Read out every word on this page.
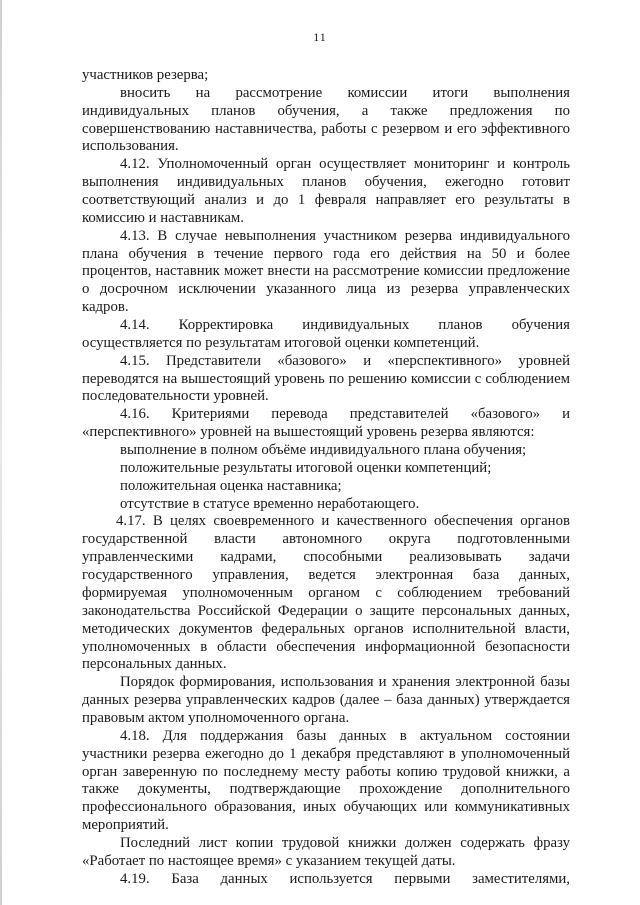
11

участников резерва;

вносить на рассмотрение комиссии итоги выполнения индивидуальных планов обучения, а также предложения по совершенствованию наставничества, работы с резервом и его эффективного использования.

4.12. Уполномоченный орган осуществляет мониторинг и контроль выполнения индивидуальных планов обучения, ежегодно готовит соответствующий анализ и до 1 февраля направляет его результаты в комиссию и наставникам.

4.13. В случае невыполнения участником резерва индивидуального плана обучения в течение первого года его действия на 50 и более процентов, наставник может внести на рассмотрение комиссии предложение о досрочном исключении указанного лица из резерва управленческих кадров.

4.14. Корректировка индивидуальных планов обучения осуществляется по результатам итоговой оценки компетенций.

4.15. Представители «базового» и «перспективного» уровней переводятся на вышестоящий уровень по решению комиссии с соблюдением последовательности уровней.

4.16. Критериями перевода представителей «базового» и «перспективного» уровней на вышестоящий уровень резерва являются:

выполнение в полном объёме индивидуального плана обучения;

положительные результаты итоговой оценки компетенций;

положительная оценка наставника;

отсутствие в статусе временно неработающего.

4.17. В целях своевременного и качественного обеспечения органов государственной власти автономного округа подготовленными управленческими кадрами, способными реализовывать задачи государственного управления, ведется электронная база данных, формируемая уполномоченным органом с соблюдением требований законодательства Российской Федерации о защите персональных данных, методических документов федеральных органов исполнительной власти, уполномоченных в области обеспечения информационной безопасности персональных данных.

Порядок формирования, использования и хранения электронной базы данных резерва управленческих кадров (далее – база данных) утверждается правовым актом уполномоченного органа.

4.18. Для поддержания базы данных в актуальном состоянии участники резерва ежегодно до 1 декабря представляют в уполномоченный орган заверенную по последнему месту работы копию трудовой книжки, а также документы, подтверждающие прохождение дополнительного профессионального образования, иных обучающих или коммуникативных мероприятий.

Последний лист копии трудовой книжки должен содержать фразу «Работает по настоящее время» с указанием текущей даты.

4.19. База данных используется первыми заместителями,
